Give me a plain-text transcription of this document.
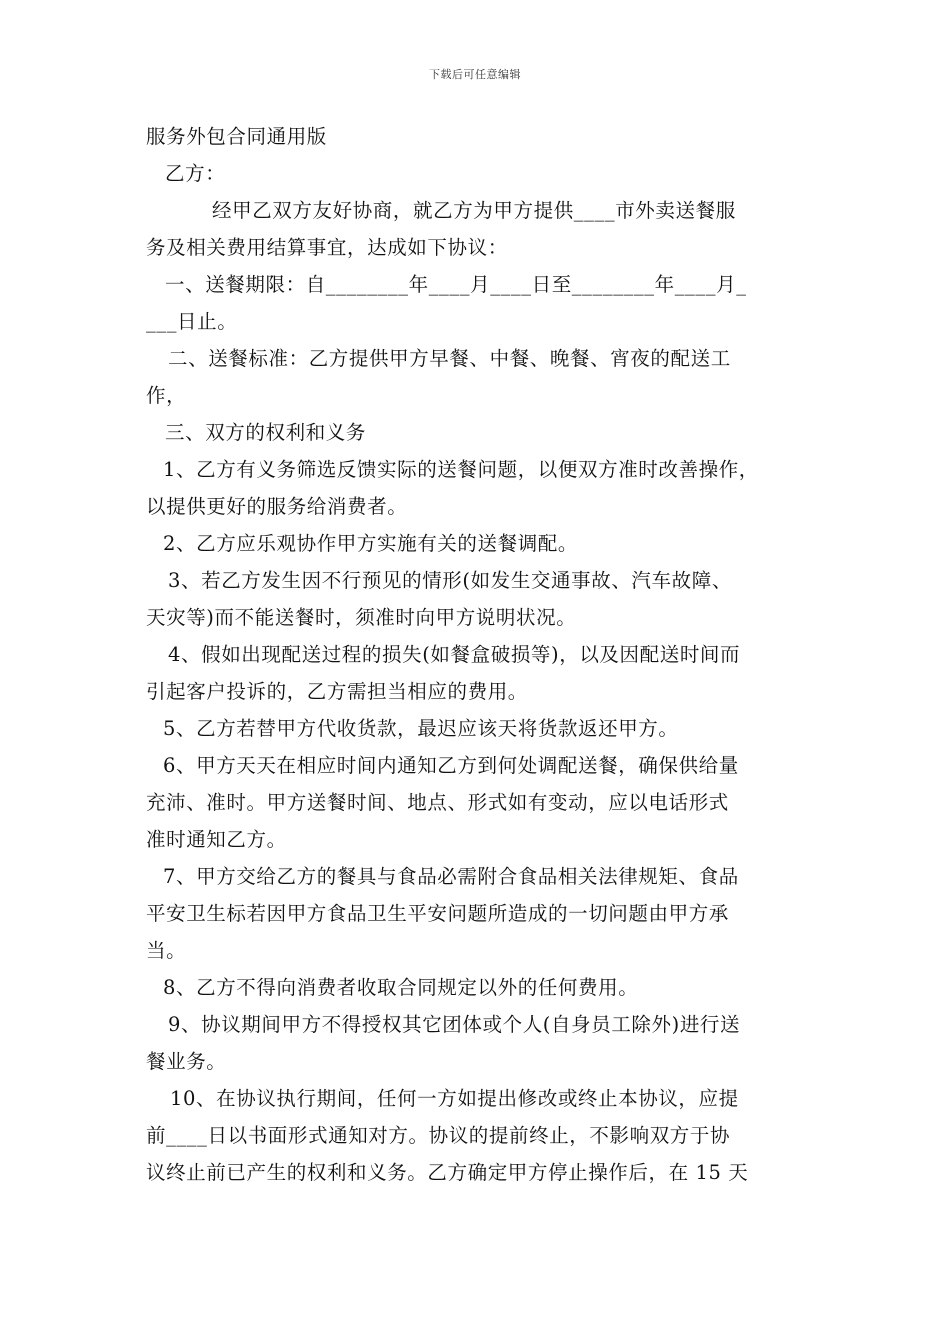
下载后可任意编辑
服务外包合同通用版
乙方：
经甲乙双方友好协商，就乙方为甲方提供____市外卖送餐服
务及相关费用结算事宜，达成如下协议：
一、送餐期限：自________年____月____日至________年____月_
___日止。
二、送餐标准：乙方提供甲方早餐、中餐、晚餐、宵夜的配送工
作，
三、双方的权利和义务
1、乙方有义务筛选反馈实际的送餐问题，以便双方准时改善操作，
以提供更好的服务给消费者。
2、乙方应乐观协作甲方实施有关的送餐调配。
3、若乙方发生因不行预见的情形(如发生交通事故、汽车故障、
天灾等)而不能送餐时，须准时向甲方说明状况。
4、假如出现配送过程的损失(如餐盒破损等)，以及因配送时间而
引起客户投诉的，乙方需担当相应的费用。
5、乙方若替甲方代收货款，最迟应该天将货款返还甲方。
6、甲方天天在相应时间内通知乙方到何处调配送餐，确保供给量
充沛、准时。甲方送餐时间、地点、形式如有变动，应以电话形式
准时通知乙方。
7、甲方交给乙方的餐具与食品必需附合食品相关法律规矩、食品
平安卫生标若因甲方食品卫生平安问题所造成的一切问题由甲方承
当。
8、乙方不得向消费者收取合同规定以外的任何费用。
9、协议期间甲方不得授权其它团体或个人(自身员工除外)进行送
餐业务。
10、在协议执行期间，任何一方如提出修改或终止本协议，应提
前____日以书面形式通知对方。协议的提前终止，不影响双方于协
议终止前已产生的权利和义务。乙方确定甲方停止操作后，在 15 天
